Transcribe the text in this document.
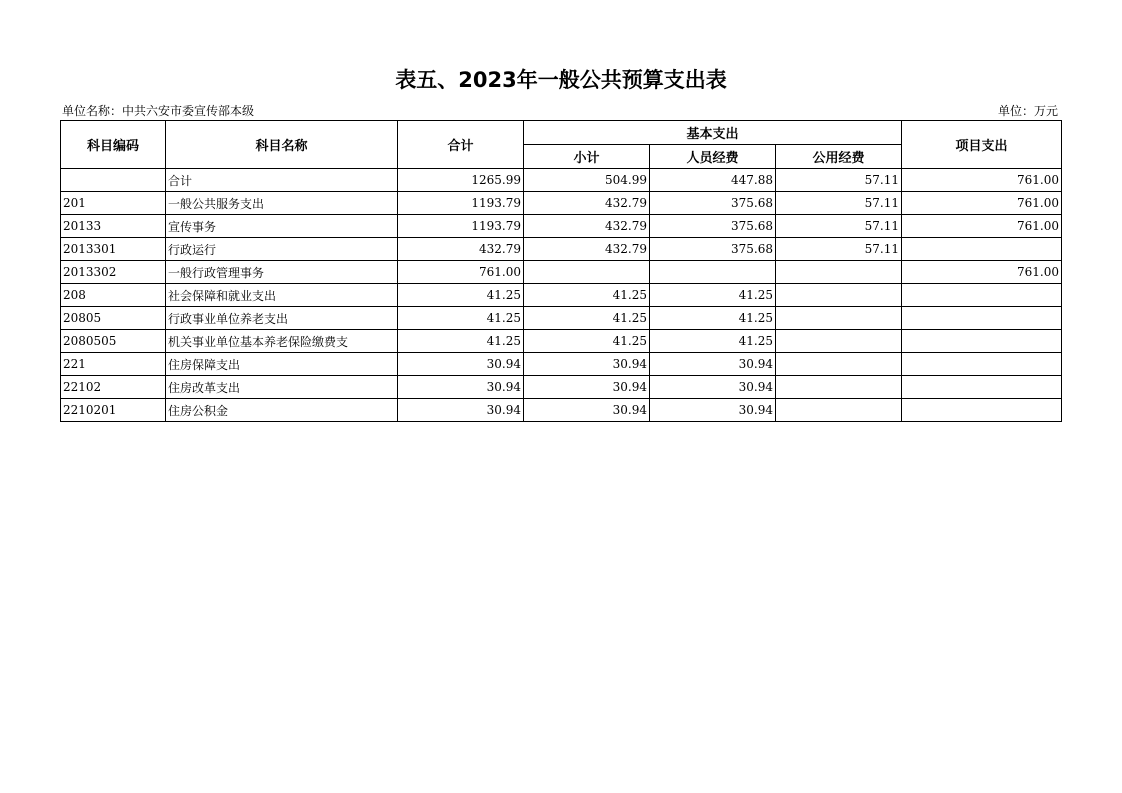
表五、2023年一般公共预算支出表
单位名称：中共六安市委宣传部本级	单位：万元
科目编码	科目名称	合计	基本支出			项目支出
			小计	人员经费	公用经费	
	合计	1265.99	504.99	447.88	57.11	761.00
201	一般公共服务支出	1193.79	432.79	375.68	57.11	761.00
20133	宣传事务	1193.79	432.79	375.68	57.11	761.00
2013301	行政运行	432.79	432.79	375.68	57.11	
2013302	一般行政管理事务	761.00				761.00
208	社会保障和就业支出	41.25	41.25	41.25		
20805	行政事业单位养老支出	41.25	41.25	41.25		
2080505	机关事业单位基本养老保险缴费支	41.25	41.25	41.25		
221	住房保障支出	30.94	30.94	30.94		
22102	住房改革支出	30.94	30.94	30.94		
2210201	住房公积金	30.94	30.94	30.94		
